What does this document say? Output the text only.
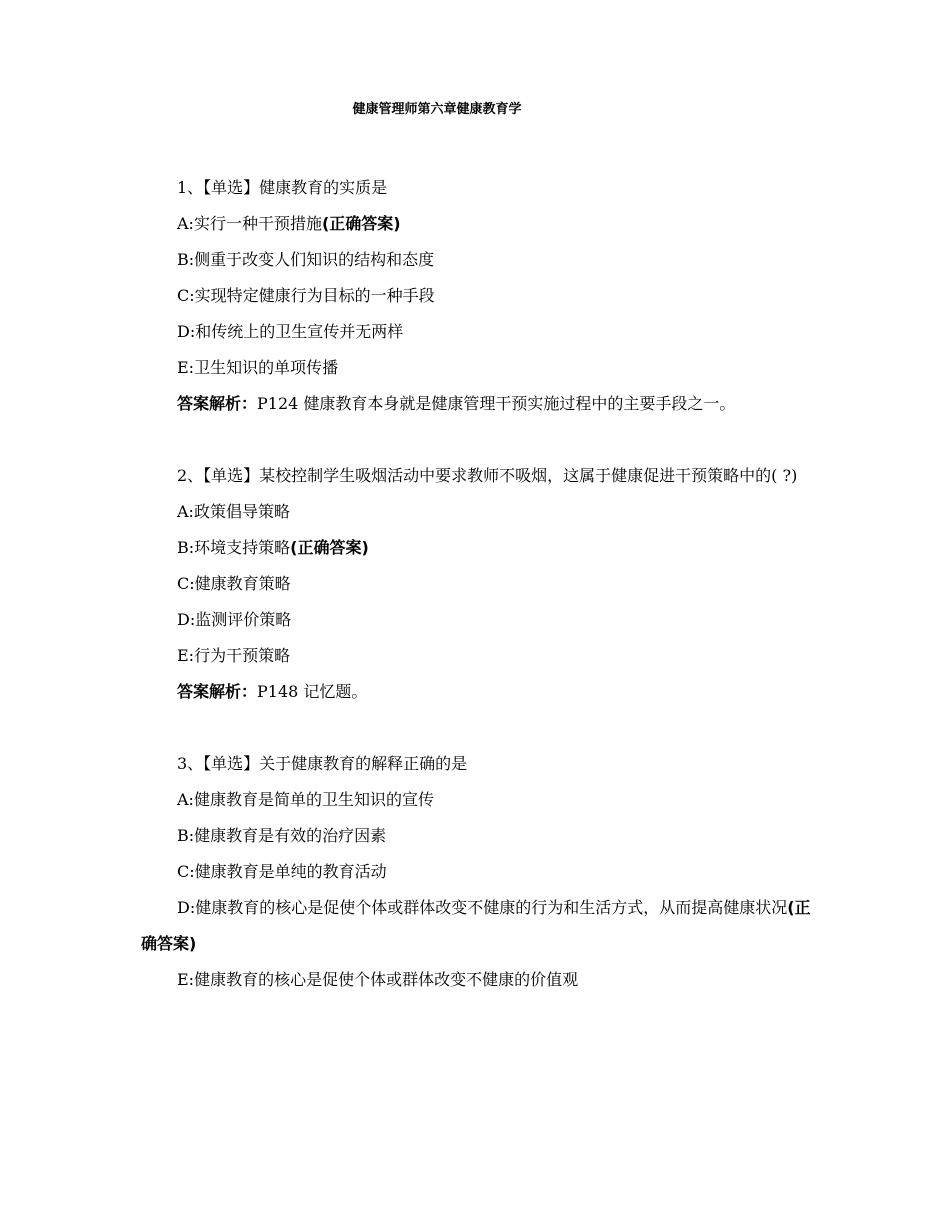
健康管理师第六章健康教育学

1、【单选】健康教育的实质是

A:实行一种干预措施(正确答案)

B:侧重于改变人们知识的结构和态度

C:实现特定健康行为目标的一种手段

D:和传统上的卫生宣传并无两样

E:卫生知识的单项传播

答案解析：P124 健康教育本身就是健康管理干预实施过程中的主要手段之一。

2、【单选】某校控制学生吸烟活动中要求教师不吸烟，这属于健康促进干预策略中的( ?)

A:政策倡导策略

B:环境支持策略(正确答案)

C:健康教育策略

D:监测评价策略

E:行为干预策略

答案解析：P148 记忆题。

3、【单选】关于健康教育的解释正确的是

A:健康教育是简单的卫生知识的宣传

B:健康教育是有效的治疗因素

C:健康教育是单纯的教育活动

D:健康教育的核心是促使个体或群体改变不健康的行为和生活方式，从而提高健康状况(正确答案)

E:健康教育的核心是促使个体或群体改变不健康的价值观
